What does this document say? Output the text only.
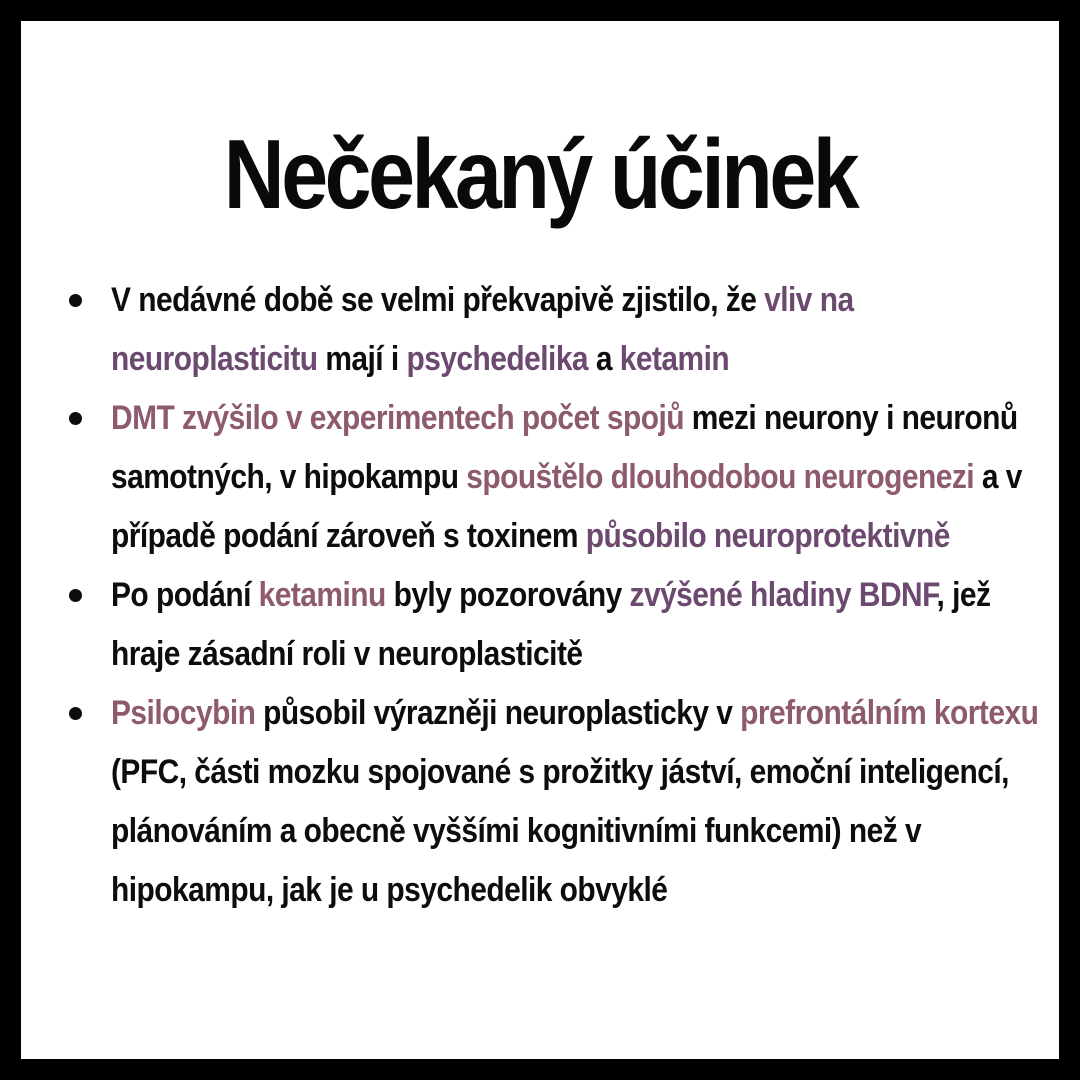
Nečekaný účinek
V nedávné době se velmi překvapivě zjistilo, že vliv na neuroplasticitu mají i psychedelika a ketamin
DMT zvýšilo v experimentech počet spojů mezi neurony i neuronů samotných, v hipokampu spouštělo dlouhodobou neurogenezi a v případě podání zároveň s toxinem působilo neuroprotektivně
Po podání ketaminu byly pozorovány zvýšené hladiny BDNF, jež hraje zásadní roli v neuroplasticitě
Psilocybin působil výrazněji neuroplasticky v prefrontálním kortexu (PFC, části mozku spojované s prožitky jáství, emoční inteligencí, plánováním a obecně vyššími kognitivními funkcemi) než v hipokampu, jak je u psychedelik obvyklé
